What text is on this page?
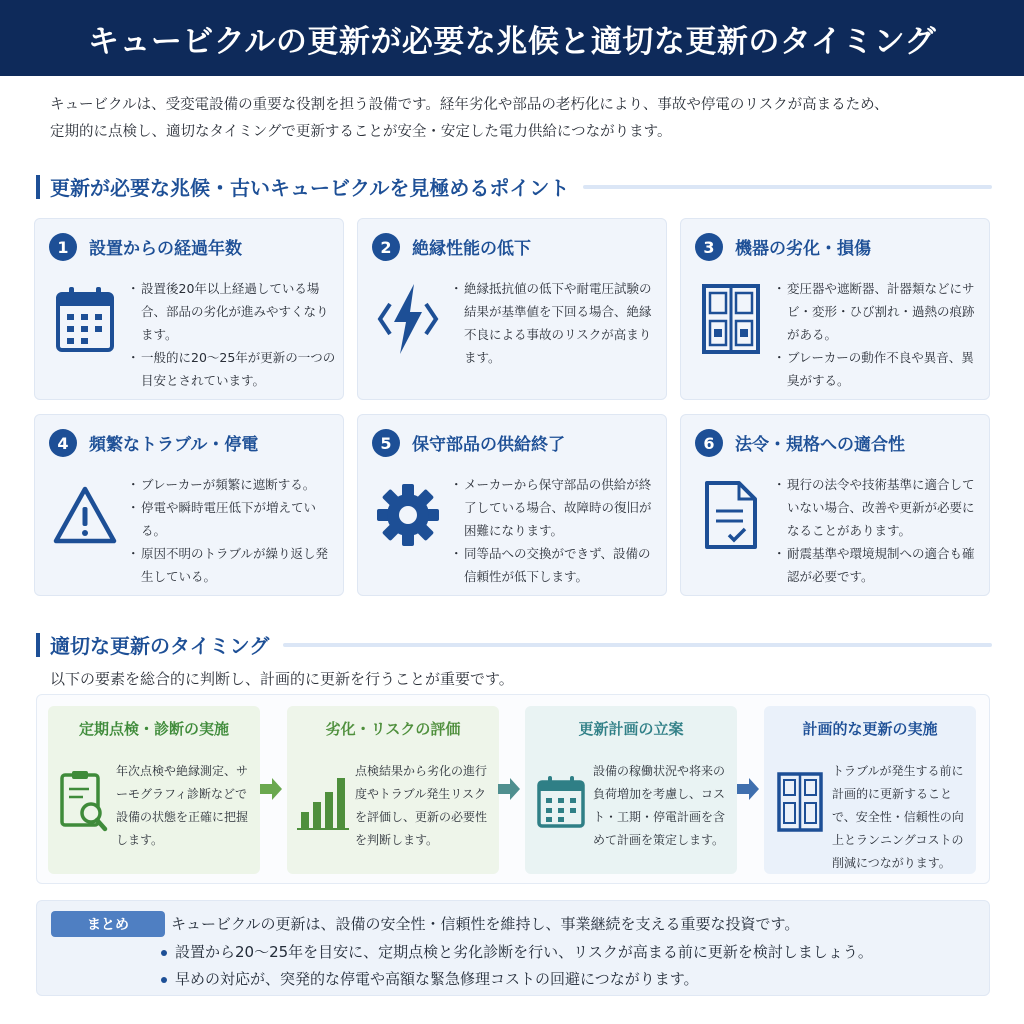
キュービクルの更新が必要な兆候と適切な更新のタイミング
キュービクルは、受変電設備の重要な役割を担う設備です。経年劣化や部品の老朽化により、事故や停電のリスクが高まるため、
定期的に点検し、適切なタイミングで更新することが安全・安定した電力供給につながります。
更新が必要な兆候・古いキュービクルを見極めるポイント
1	設置からの経過年数
・ 設置後20年以上経過している場合、部品の劣化が進みやすくなります。
・ 一般的に20〜25年が更新の一つの目安とされています。
2	絶縁性能の低下
・ 絶縁抵抗値の低下や耐電圧試験の結果が基準値を下回る場合、絶縁不良による事故のリスクが高まります。
3	機器の劣化・損傷
・ 変圧器や遮断器、計器類などにサビ・変形・ひび割れ・過熱の痕跡がある。
・ ブレーカーの動作不良や異音、異臭がする。
4	頻繁なトラブル・停電
・ ブレーカーが頻繁に遮断する。
・ 停電や瞬時電圧低下が増えている。
・ 原因不明のトラブルが繰り返し発生している。
5	保守部品の供給終了
・ メーカーから保守部品の供給が終了している場合、故障時の復旧が困難になります。
・ 同等品への交換ができず、設備の信頼性が低下します。
6	法令・規格への適合性
・ 現行の法令や技術基準に適合していない場合、改善や更新が必要になることがあります。
・ 耐震基準や環境規制への適合も確認が必要です。
適切な更新のタイミング
以下の要素を総合的に判断し、計画的に更新を行うことが重要です。
定期点検・診断の実施
年次点検や絶縁測定、サーモグラフィ診断などで設備の状態を正確に把握します。
劣化・リスクの評価
点検結果から劣化の進行度やトラブル発生リスクを評価し、更新の必要性を判断します。
更新計画の立案
設備の稼働状況や将来の負荷増加を考慮し、コスト・工期・停電計画を含めて計画を策定します。
計画的な更新の実施
トラブルが発生する前に計画的に更新することで、安全性・信頼性の向上とランニングコストの削減につながります。
まとめ	キュービクルの更新は、設備の安全性・信頼性を維持し、事業継続を支える重要な投資です。
設置から20〜25年を目安に、定期点検と劣化診断を行い、リスクが高まる前に更新を検討しましょう。
早めの対応が、突発的な停電や高額な緊急修理コストの回避につながります。
